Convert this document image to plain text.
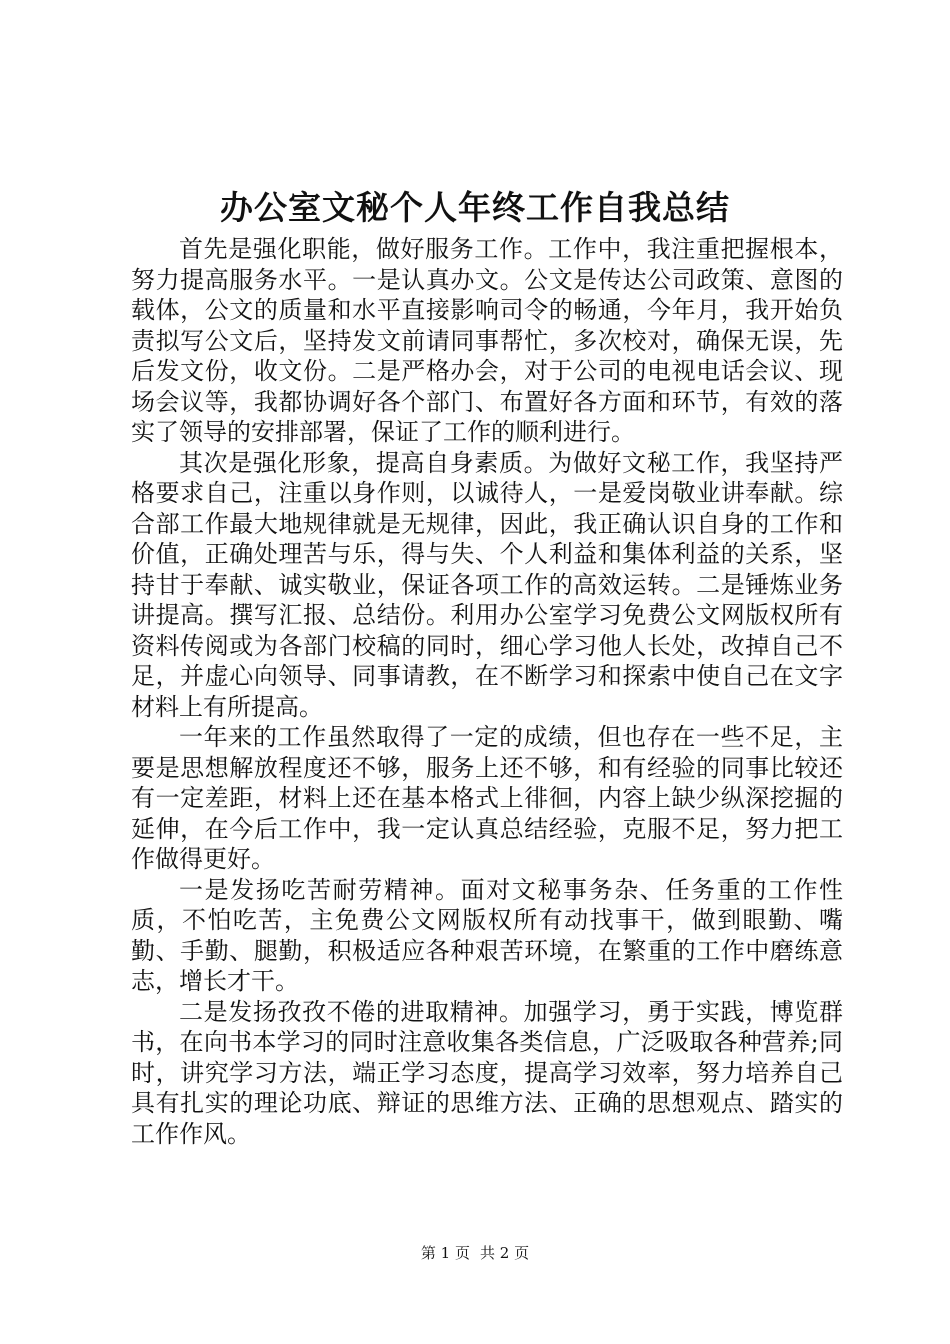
办公室文秘个人年终工作自我总结

首先是强化职能，做好服务工作。工作中，我注重把握根本，努力提高服务水平。一是认真办文。公文是传达公司政策、意图的载体，公文的质量和水平直接影响司令的畅通，今年月，我开始负责拟写公文后，坚持发文前请同事帮忙，多次校对，确保无误，先后发文份，收文份。二是严格办会，对于公司的电视电话会议、现场会议等，我都协调好各个部门、布置好各方面和环节，有效的落实了领导的安排部署，保证了工作的顺利进行。

其次是强化形象，提高自身素质。为做好文秘工作，我坚持严格要求自己，注重以身作则，以诚待人，一是爱岗敬业讲奉献。综合部工作最大地规律就是无规律，因此，我正确认识自身的工作和价值，正确处理苦与乐，得与失、个人利益和集体利益的关系，坚持甘于奉献、诚实敬业，保证各项工作的高效运转。二是锤炼业务讲提高。撰写汇报、总结份。利用办公室学习免费公文网版权所有资料传阅或为各部门校稿的同时，细心学习他人长处，改掉自己不足，并虚心向领导、同事请教，在不断学习和探索中使自己在文字材料上有所提高。

一年来的工作虽然取得了一定的成绩，但也存在一些不足，主要是思想解放程度还不够，服务上还不够，和有经验的同事比较还有一定差距，材料上还在基本格式上徘徊，内容上缺少纵深挖掘的延伸，在今后工作中，我一定认真总结经验，克服不足，努力把工作做得更好。

一是发扬吃苦耐劳精神。面对文秘事务杂、任务重的工作性质，不怕吃苦，主免费公文网版权所有动找事干，做到眼勤、嘴勤、手勤、腿勤，积极适应各种艰苦环境，在繁重的工作中磨练意志，增长才干。

二是发扬孜孜不倦的进取精神。加强学习，勇于实践，博览群书，在向书本学习的同时注意收集各类信息，广泛吸取各种营养;同时，讲究学习方法，端正学习态度，提高学习效率，努力培养自己具有扎实的理论功底、辩证的思维方法、正确的思想观点、踏实的工作作风。

第 1 页 共 2 页
